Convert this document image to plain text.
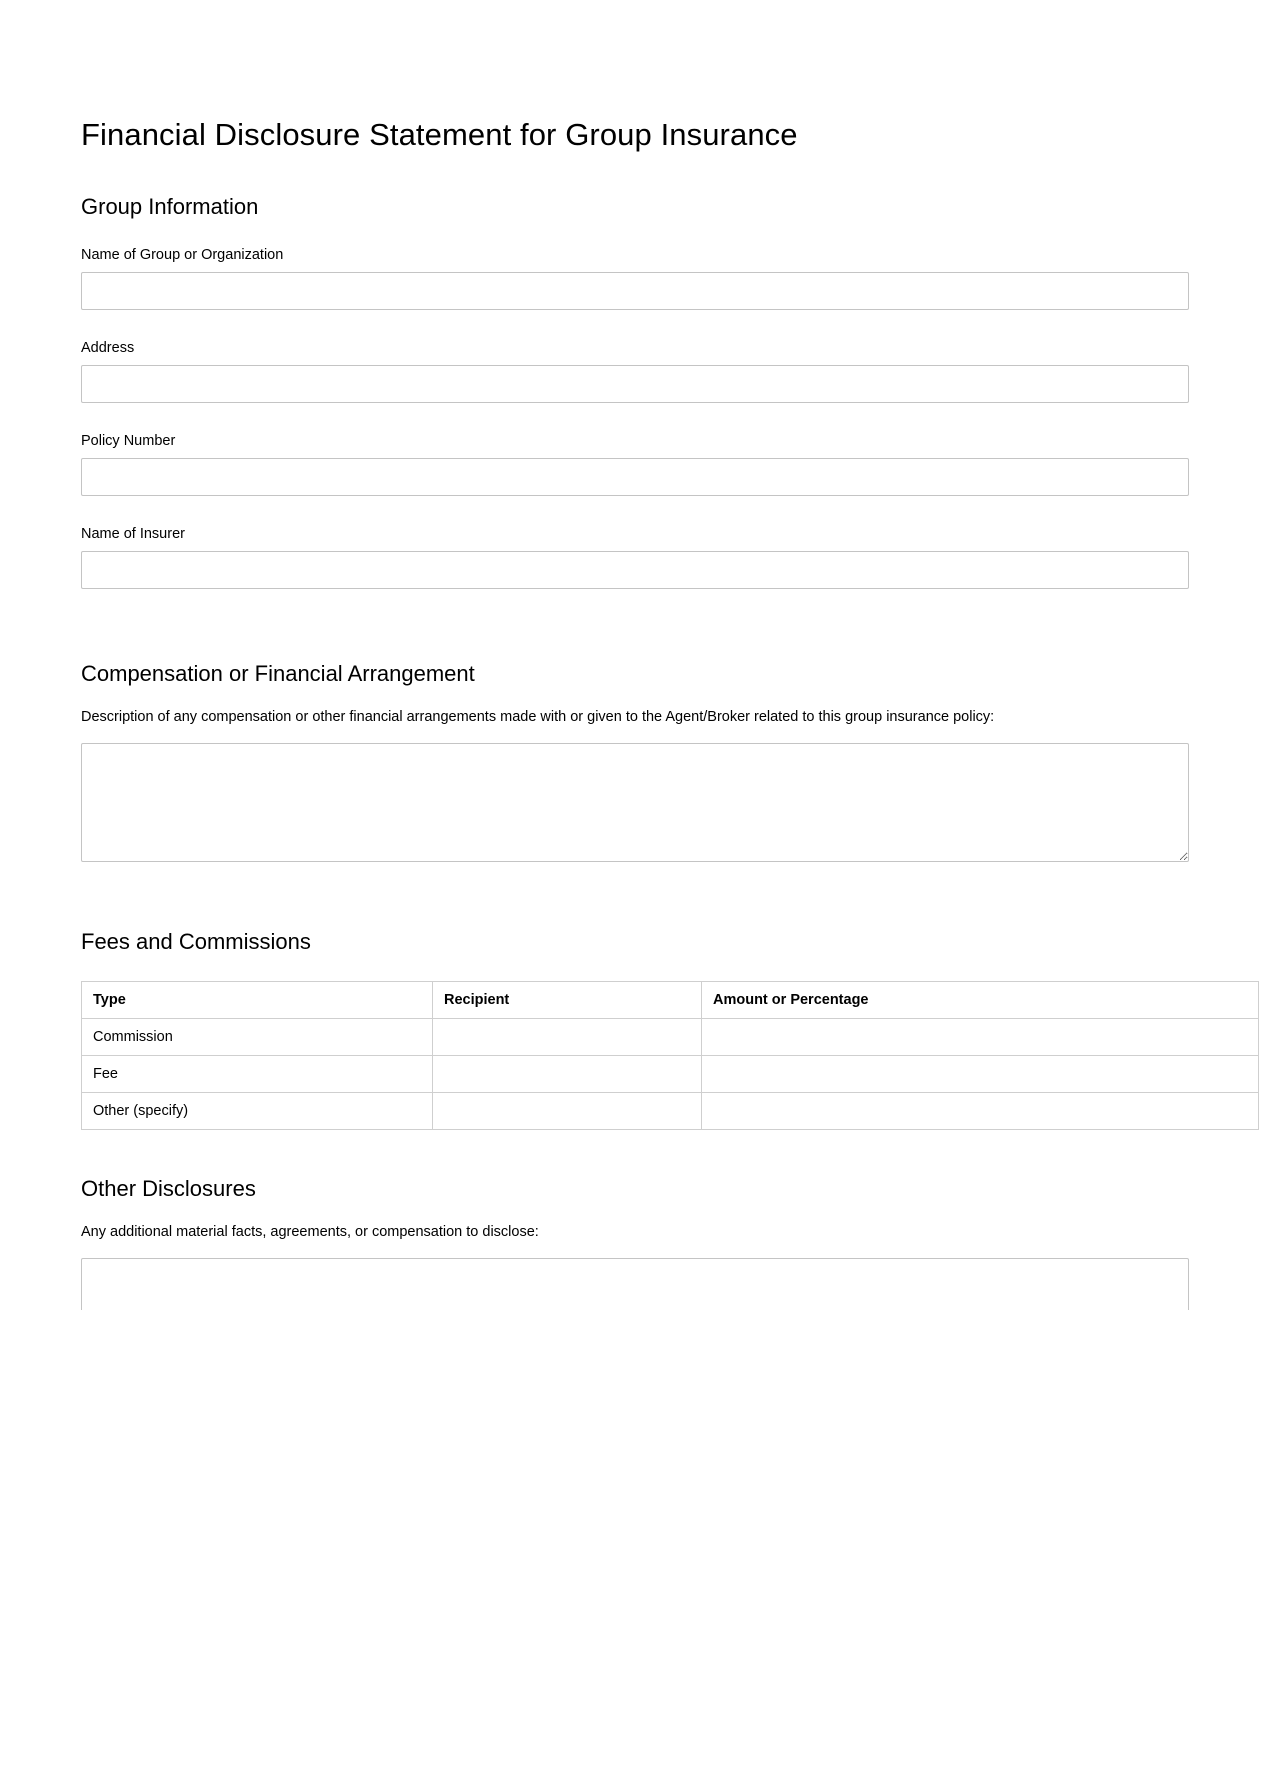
Financial Disclosure Statement for Group Insurance
Group Information
Name of Group or Organization
Address
Policy Number
Name of Insurer
Compensation or Financial Arrangement

Description of any compensation or other financial arrangements made with or given to the Agent/Broker related to this group insurance policy:

Fees and Commissions
Type	Recipient	Amount or Percentage
Commission		
Fee		
Other (specify)		
Other Disclosures

Any additional material facts, agreements, or compensation to disclose:
